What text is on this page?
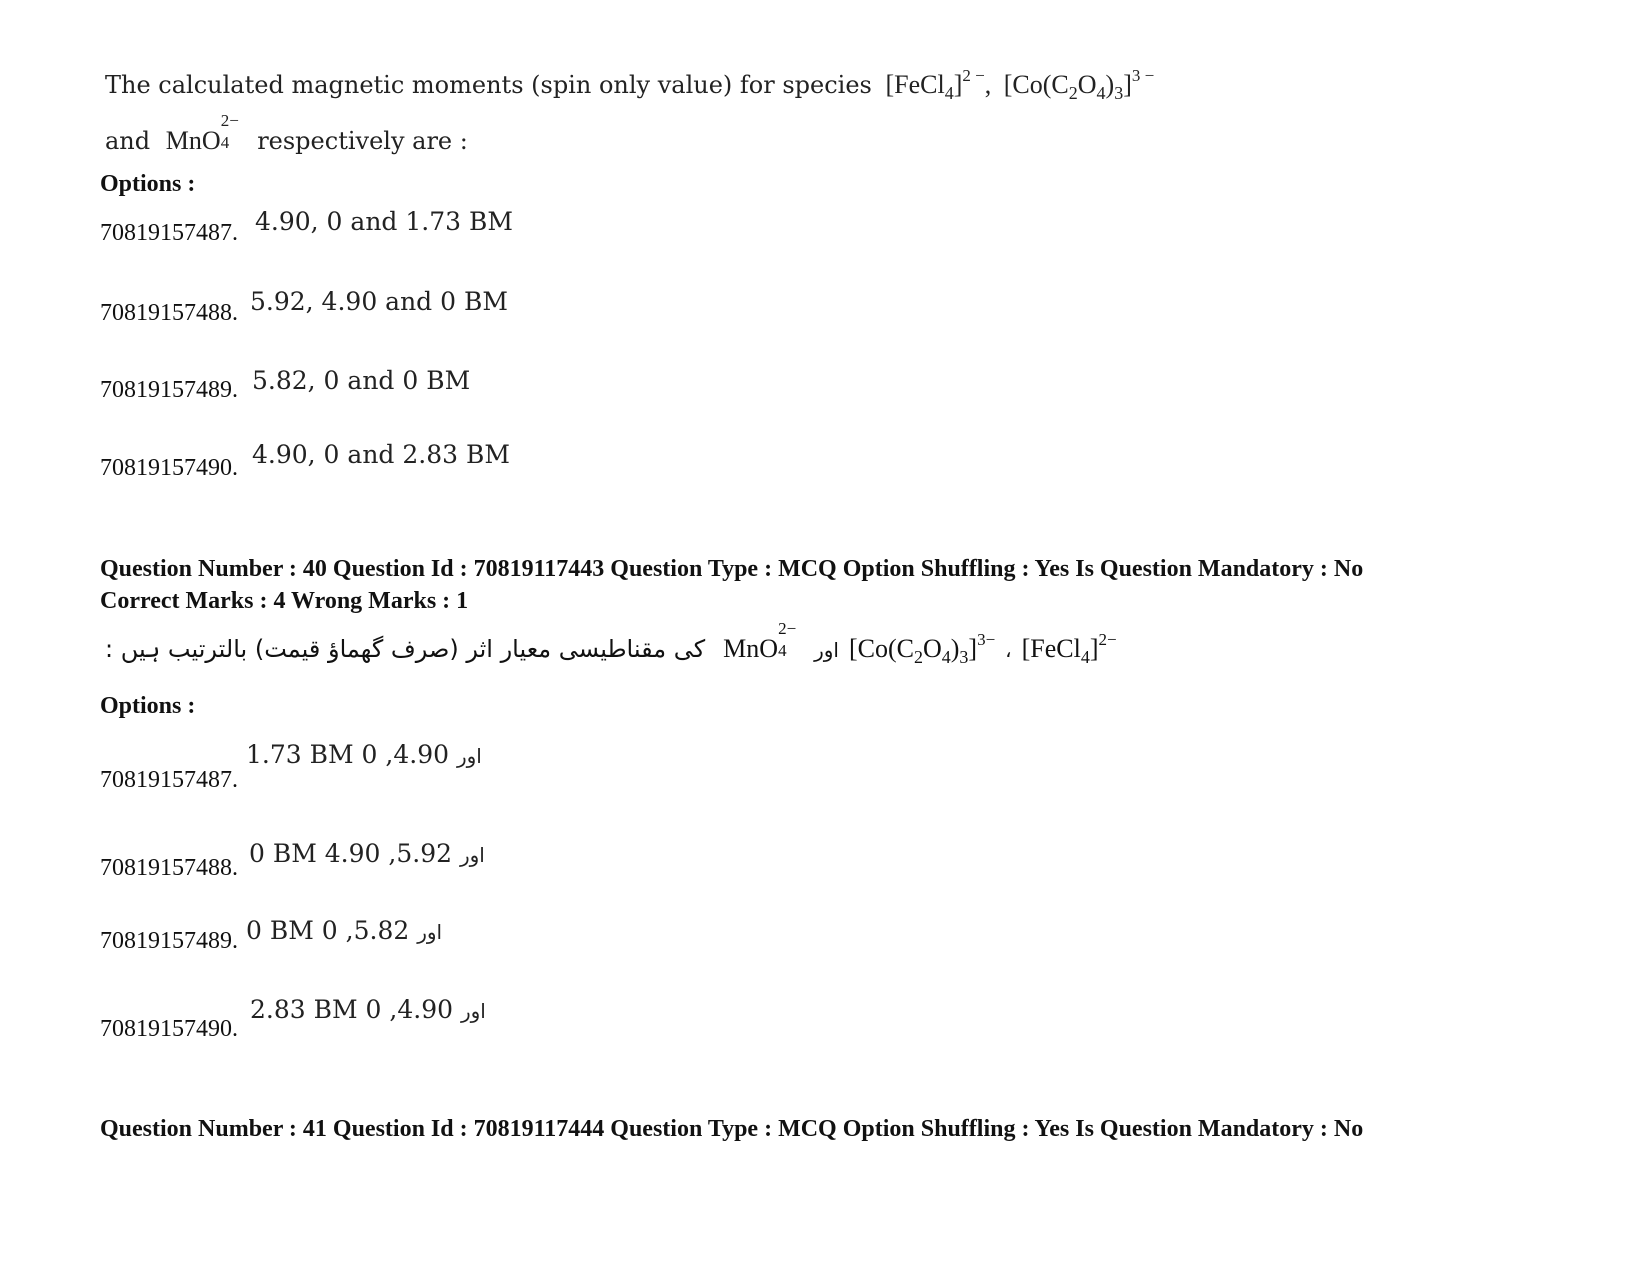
The calculated magnetic moments (spin only value) for species [FeCl$_4$]$^{2 -}$, $[Co(C_2O_4)_3]^{3 -}$
and MnO
2−
4 respectively are :
Options :
70819157487. 4.90, 0 and 1.73 BM
70819157488. 5.92, 4.90 and 0 BM
70819157489. 5.82, 0 and 0 BM
70819157490. 4.90, 0 and 2.83 BM
Question Number : 40 Question Id : 70819117443 Question Type : MCQ Option Shuffling : Yes Is Question Mandatory : No
Correct Marks : 4 Wrong Marks : 1
کی مقناطیسی معیار اثر (صرف گھماؤ قیمت) بالترتیب ہیں : MnO
2−
4 اور $[Co(C_2O_4)_3]^{3-}$ ، [FeCl$_4$]$^{2-}$
Options :
70819157487.
1.73 BM	اور 4.90, 0
70819157488. 0 BM	اور 5.92, 4.90
70819157489. 0 BM	اور 5.82, 0
70819157490.
2.83 BM	اور 4.90, 0
Question Number : 41 Question Id : 70819117444 Question Type : MCQ Option Shuffling : Yes Is Question Mandatory : No
